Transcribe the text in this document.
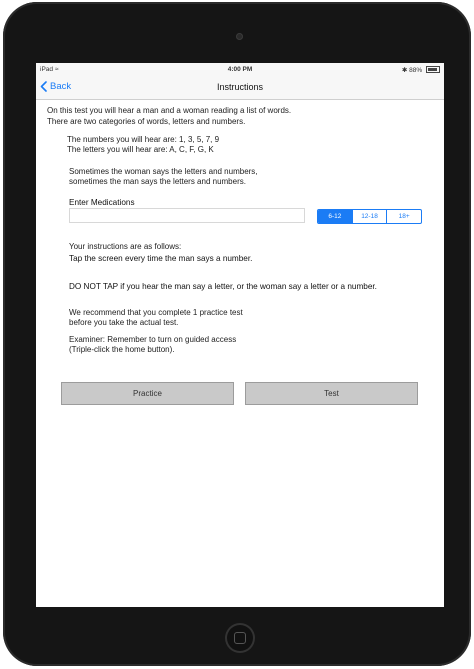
iPad ≈	4:00 PM	✱ 88%
Back	Instructions
On this test you will hear a man and a woman reading a list of words.
There are two categories of words, letters and numbers.
The numbers you will hear are: 1, 3, 5, 7, 9
The letters you will hear are: A, C, F, G, K
Sometimes the woman says the letters and numbers,
sometimes the man says the letters and numbers.
Enter Medications
6-12	12-18	18+
Your instructions are as follows:
Tap the screen every time the man says a number.
DO NOT TAP if you hear the man say a letter, or the woman say a letter or a number.
We recommend that you complete 1 practice test
before you take the actual test.
Examiner: Remember to turn on guided access
(Triple-click the home button).
Practice	Test
